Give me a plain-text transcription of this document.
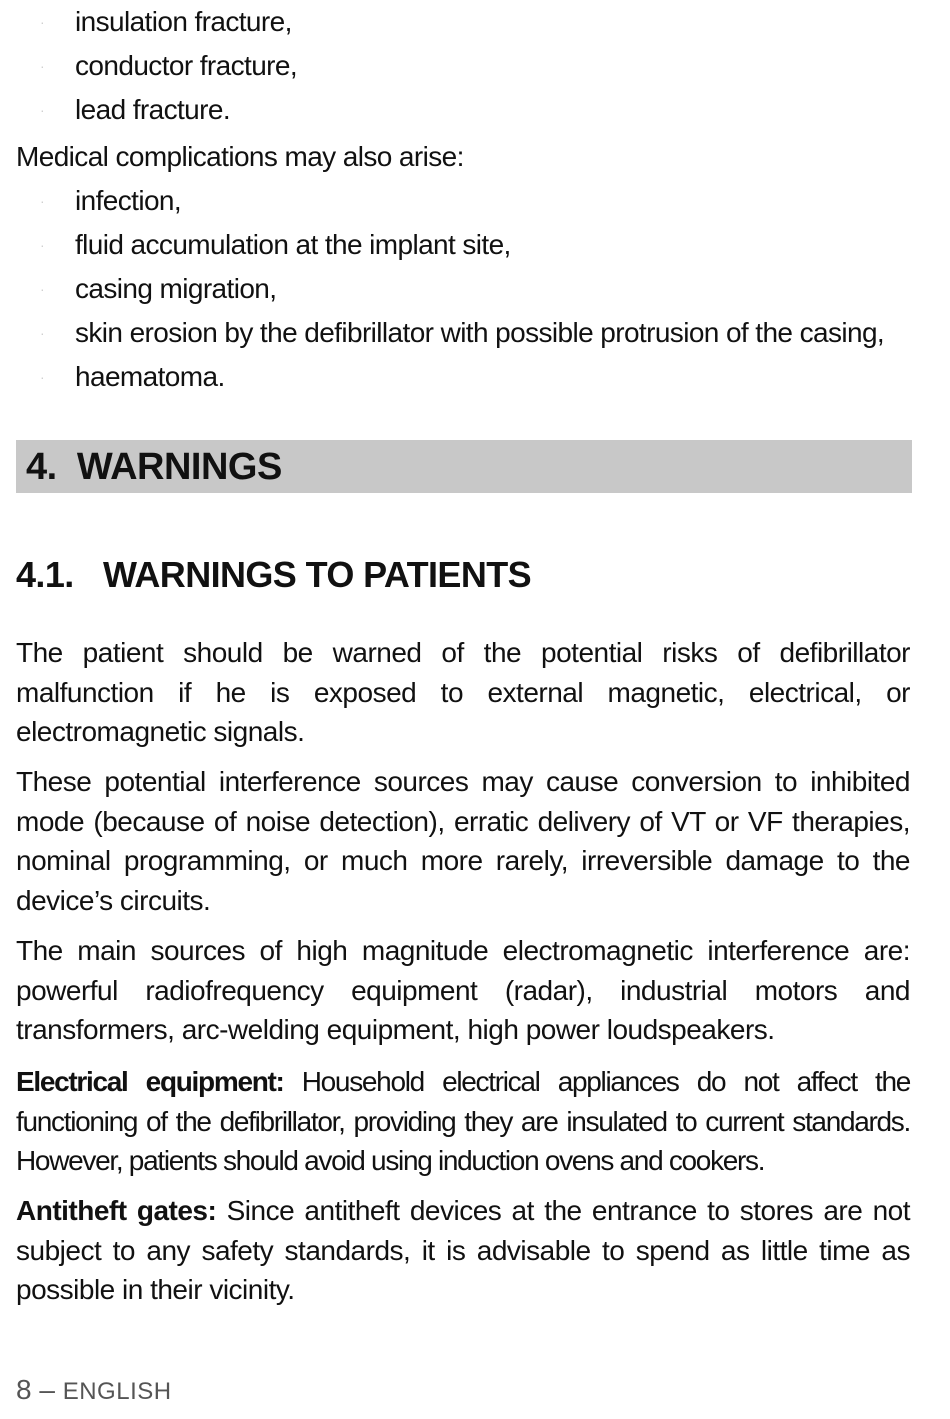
· insulation fracture,
· conductor fracture,
· lead fracture.
Medical complications may also arise:
· infection,
· fluid accumulation at the implant site,
· casing migration,
· skin erosion by the defibrillator with possible protrusion of the casing,
· haematoma.
4. WARNINGS
4.1. WARNINGS TO PATIENTS

The patient should be warned of the potential risks of defibrillator malfunction if he is exposed to external magnetic, electrical, or electromagnetic signals.

These potential interference sources may cause conversion to inhibited mode (because of noise detection), erratic delivery of VT or VF therapies, nominal programming, or much more rarely, irreversible damage to the device’s circuits.

The main sources of high magnitude electromagnetic interference are: powerful radiofrequency equipment (radar), industrial motors and transformers, arc-welding equipment, high power loudspeakers.

Electrical equipment: Household electrical appliances do not affect the functioning of the defibrillator, providing they are insulated to current standards. However, patients should avoid using induction ovens and cookers.

Antitheft gates: Since antitheft devices at the entrance to stores are not subject to any safety standards, it is advisable to spend as little time as possible in their vicinity.

8 – ENGLISH
